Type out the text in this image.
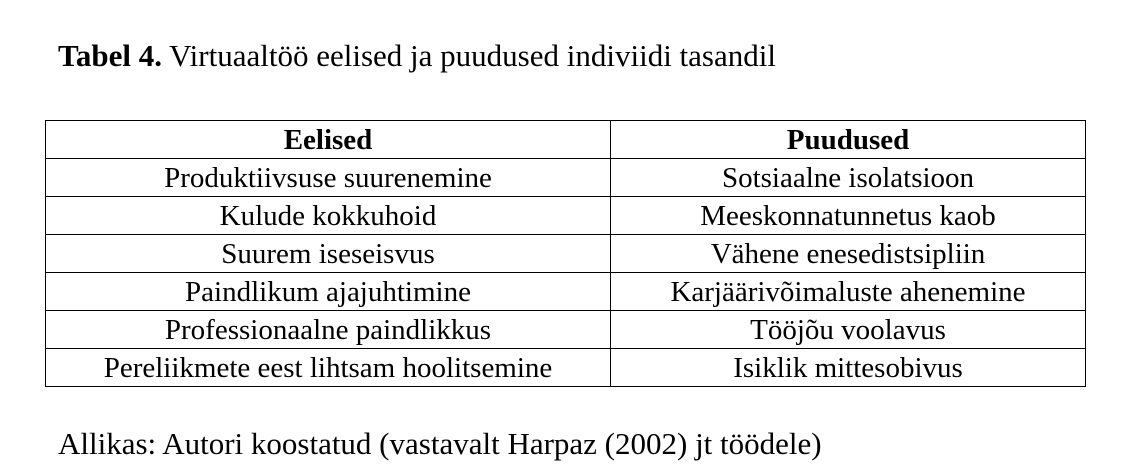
Tabel 4. Virtuaaltöö eelised ja puudused indiviidi tasandil
Eelised	Puudused
Produktiivsuse suurenemine	Sotsiaalne isolatsioon
Kulude kokkuhoid	Meeskonnatunnetus kaob
Suurem iseseisvus	Vähene enesedistsipliin
Paindlikum ajajuhtimine	Karjäärivõimaluste ahenemine
Professionaalne paindlikkus	Tööjõu voolavus
Pereliikmete eest lihtsam hoolitsemine	Isiklik mittesobivus
Allikas: Autori koostatud (vastavalt Harpaz (2002) jt töödele)
